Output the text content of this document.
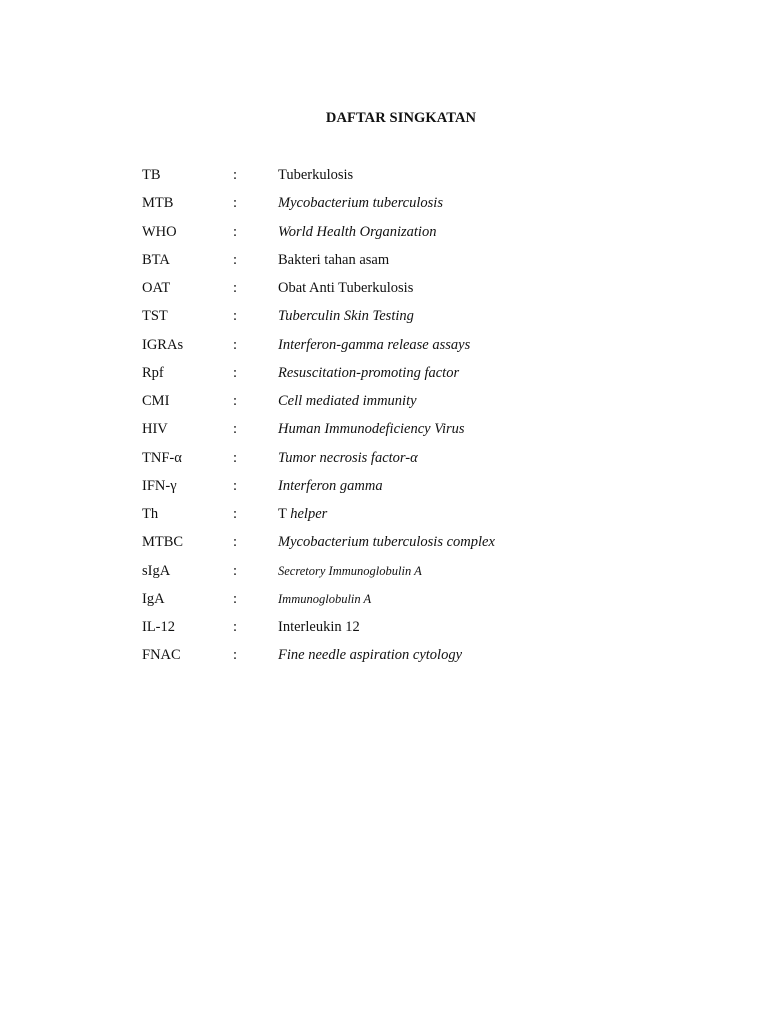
DAFTAR SINGKATAN
TB	:	Tuberkulosis
MTB	:	Mycobacterium tuberculosis
WHO	:	World Health Organization
BTA	:	Bakteri tahan asam
OAT	:	Obat Anti Tuberkulosis
TST	:	Tuberculin Skin Testing
IGRAs	:	Interferon-gamma release assays
Rpf	:	Resuscitation-promoting factor
CMI	:	Cell mediated immunity
HIV	:	Human Immunodeficiency Virus
TNF-α	:	Tumor necrosis factor-α
IFN-γ	:	Interferon gamma
Th	:	T helper
MTBC	:	Mycobacterium tuberculosis complex
sIgA	:	Secretory Immunoglobulin A
IgA	:	Immunoglobulin A
IL-12	:	Interleukin 12
FNAC	:	Fine needle aspiration cytology
